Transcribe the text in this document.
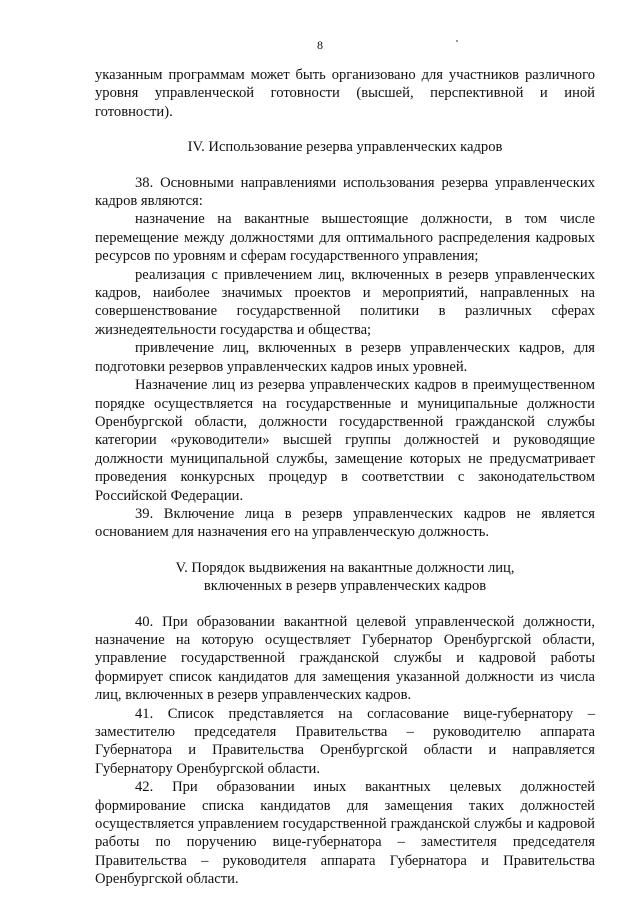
8

указанным программам может быть организовано для участников различного уровня управленческой готовности (высшей, перспективной и иной готовности).

IV. Использование резерва управленческих кадров

38. Основными направлениями использования резерва управленческих кадров являются:

назначение на вакантные вышестоящие должности, в том числе перемещение между должностями для оптимального распределения кадровых ресурсов по уровням и сферам государственного управления;

реализация с привлечением лиц, включенных в резерв управленческих кадров, наиболее значимых проектов и мероприятий, направленных на совершенствование государственной политики в различных сферах жизнедеятельности государства и общества;

привлечение лиц, включенных в резерв управленческих кадров, для подготовки резервов управленческих кадров иных уровней.

Назначение лиц из резерва управленческих кадров в преимущественном порядке осуществляется на государственные и муниципальные должности Оренбургской области, должности государственной гражданской службы категории «руководители» высшей группы должностей и руководящие должности муниципальной службы, замещение которых не предусматривает проведения конкурсных процедур в соответствии с законодательством Российской Федерации.

39. Включение лица в резерв управленческих кадров не является основанием для назначения его на управленческую должность.

V. Порядок выдвижения на вакантные должности лиц,

включенных в резерв управленческих кадров

40. При образовании вакантной целевой управленческой должности, назначение на которую осуществляет Губернатор Оренбургской области, управление государственной гражданской службы и кадровой работы формирует список кандидатов для замещения указанной должности из числа лиц, включенных в резерв управленческих кадров.

41. Список представляется на согласование вице-губернатору – заместителю председателя Правительства – руководителю аппарата Губернатора и Правительства Оренбургской области и направляется Губернатору Оренбургской области.

42. При образовании иных вакантных целевых должностей формирование списка кандидатов для замещения таких должностей осуществляется управлением государственной гражданской службы и кадровой работы по поручению вице-губернатора – заместителя председателя Правительства – руководителя аппарата Губернатора и Правительства Оренбургской области.
